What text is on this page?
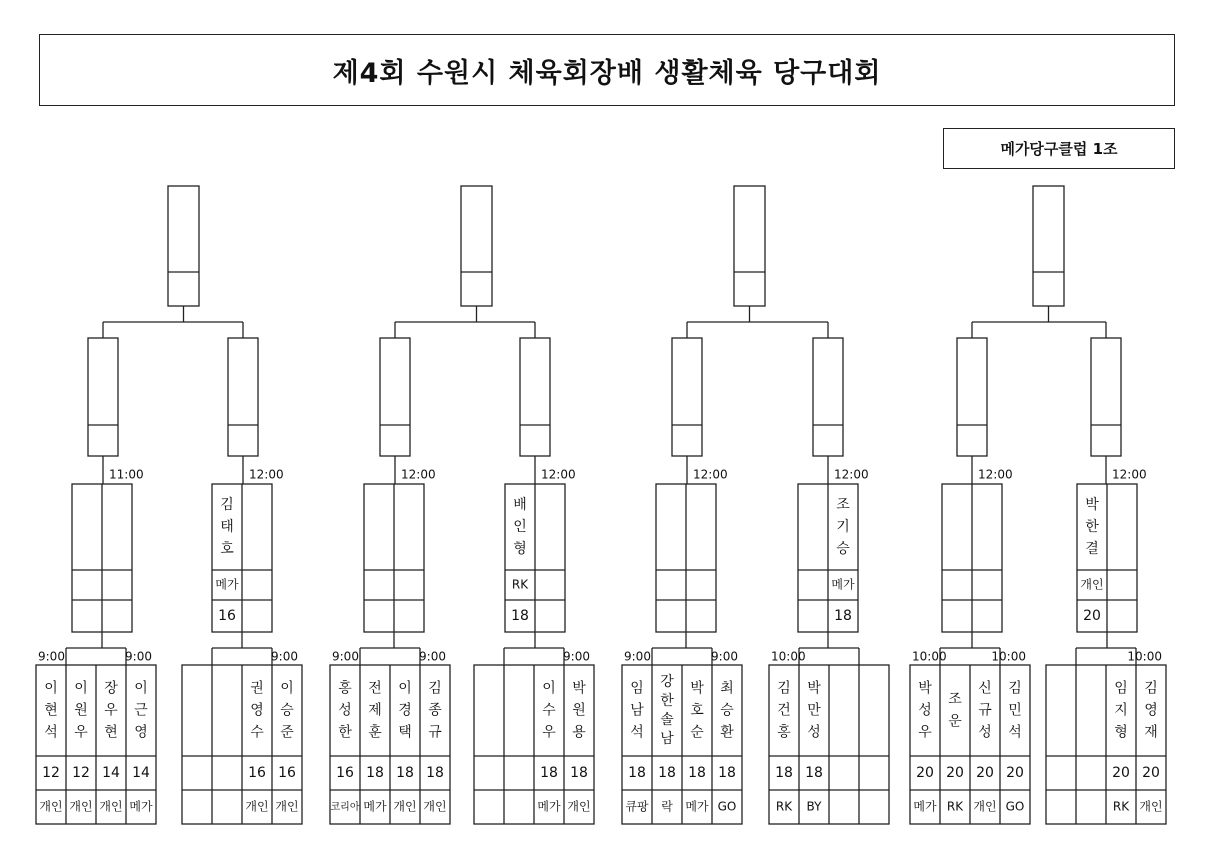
제4회 수원시 체육회장배 생활체육 당구대회
메가당구클럽 1조
11:00	12:00
김 태 호
메가
16
9:00	9:00
이 현 석
12
개인
이 원 우
12
개인
장 우 현
14
개인
이 근 영
14
메가
9:00
권 영 수
16
개인
이 승 준
16
개인
12:00	12:00
배 인 형
RK
18
9:00	9:00
홍 성 한
16
코리아
전 제 훈
18
메가
이 경 택
18
개인
김 종 규
18
개인
9:00
이 수 우
18
메가
박 원 용
18
개인
12:00	12:00
조 기 승
메가
18
9:00	9:00
임 남 석
18
큐팡
강 한 솔 남
18
락
박 호 순
18
메가
최 승 환
18
GO
10:00
김 건 홍
18
RK
박 만 성
18
BY
12:00	12:00
박 한 결
개인
20
10:00	10:00
박 성 우
20
메가
조 운
20
RK
신 규 성
20
개인
김 민 석
20
GO
10:00
임 지 형
20
RK
김 영 재
20
개인
